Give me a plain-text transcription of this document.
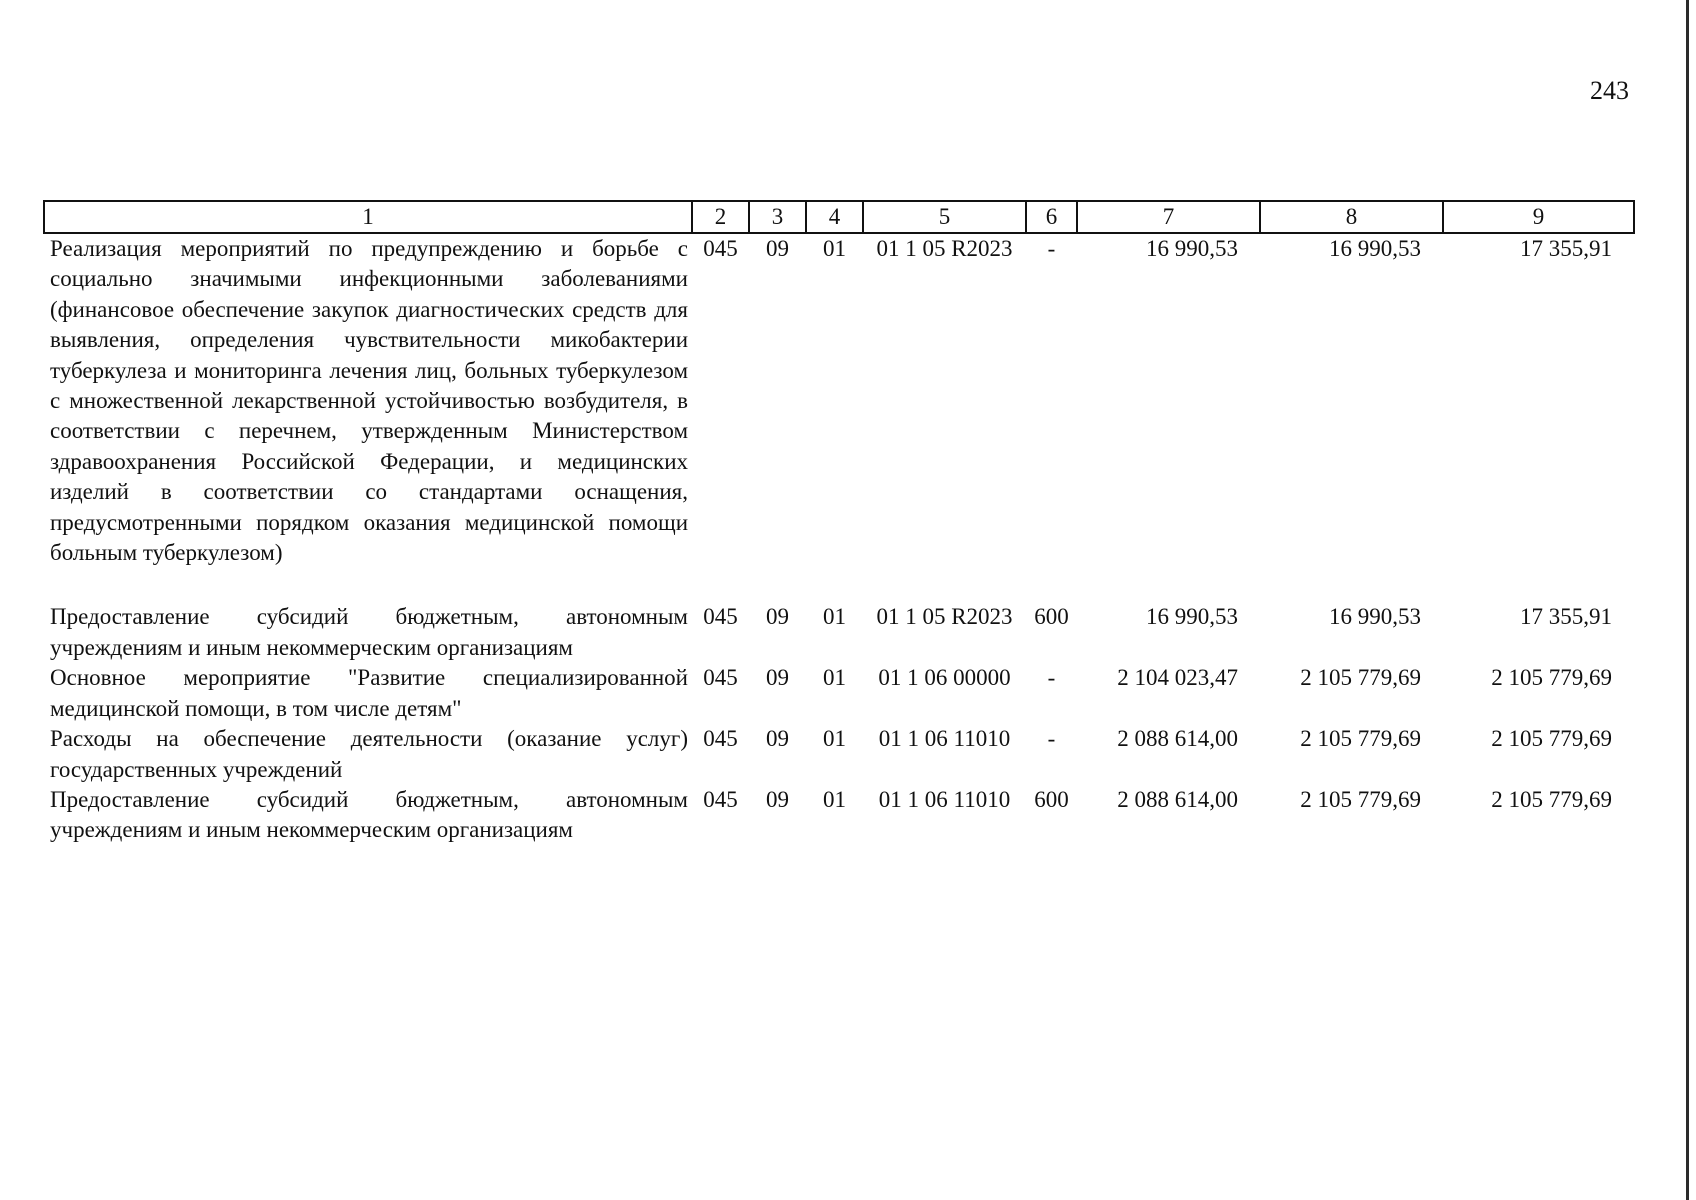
243
1	2	3	4	5	6	7	8	9
Реализация мероприятий по предупреждению и борьбе с социально значимыми инфекционными заболеваниями (финансовое обеспечение закупок диагностических средств для выявления, определения чувствительности микобактерии туберкулеза и мониторинга лечения лиц, больных туберкулезом с множественной лекарственной устойчивостью возбудителя, в соответствии с перечнем, утвержденным Министерством здравоохранения Российской Федерации, и медицинских изделий в соответствии со стандартами оснащения, предусмотренными порядком оказания медицинской помощи больным туберкулезом)	045	09	01	01 1 05 R2023	-	16 990,53	16 990,53	17 355,91

Предоставление субсидий бюджетным, автономным учреждениям и иным некоммерческим организациям	045	09	01	01 1 05 R2023	600	16 990,53	16 990,53	17 355,91
Основное мероприятие "Развитие специализированной медицинской помощи, в том числе детям"	045	09	01	01 1 06 00000	-	2 104 023,47	2 105 779,69	2 105 779,69
Расходы на обеспечение деятельности (оказание услуг) государственных учреждений	045	09	01	01 1 06 11010	-	2 088 614,00	2 105 779,69	2 105 779,69
Предоставление субсидий бюджетным, автономным учреждениям и иным некоммерческим организациям	045	09	01	01 1 06 11010	600	2 088 614,00	2 105 779,69	2 105 779,69
